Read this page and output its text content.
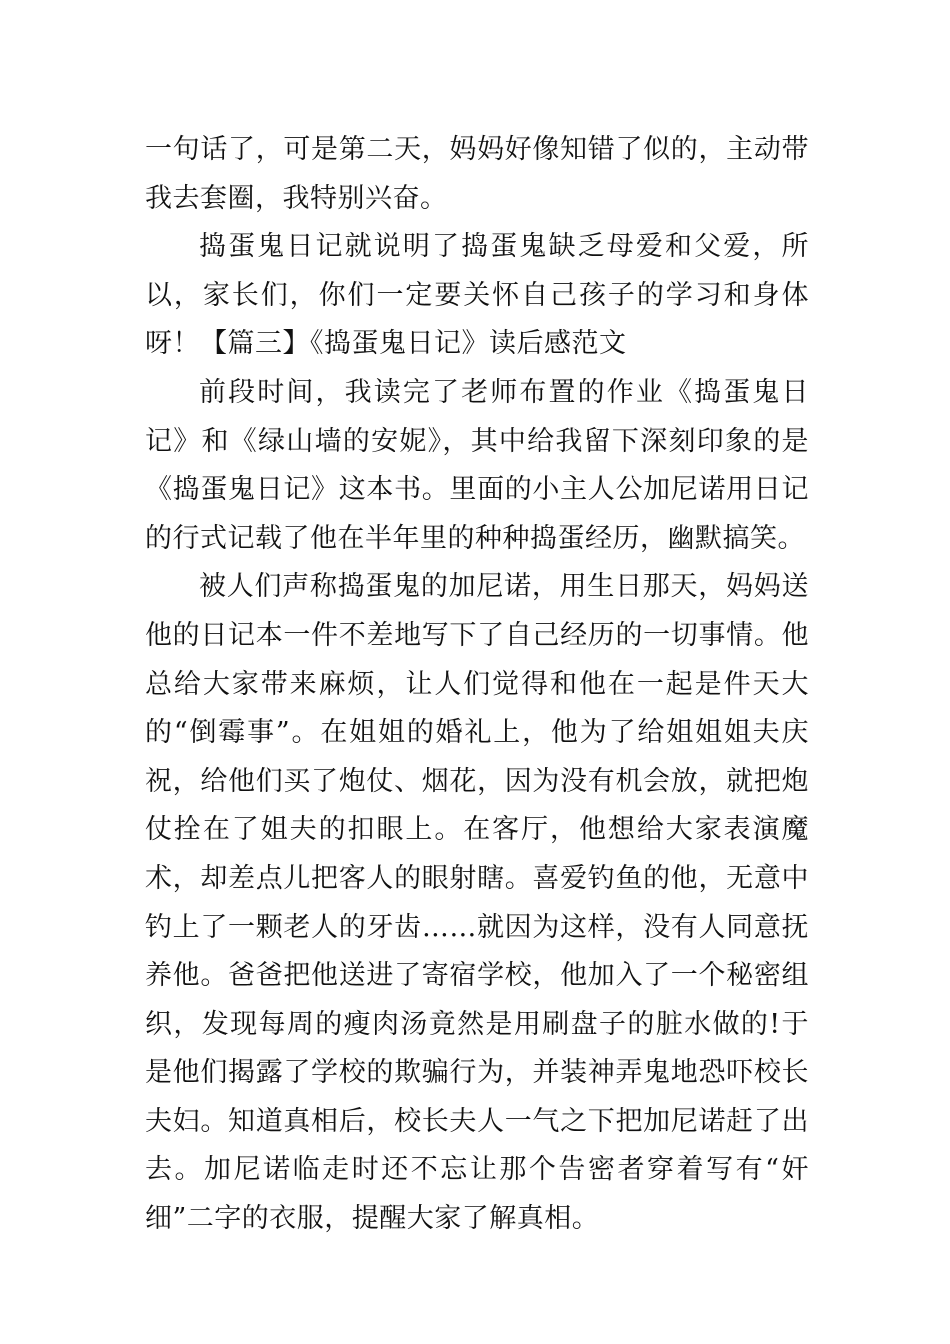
一句话了，可是第二天，妈妈好像知错了似的，主动带我去套圈，我特别兴奋。

捣蛋鬼日记就说明了捣蛋鬼缺乏母爱和父爱，所以，家长们，你们一定要关怀自己孩子的学习和身体呀！【篇三】《捣蛋鬼日记》读后感范文

前段时间，我读完了老师布置的作业《捣蛋鬼日记》和《绿山墙的安妮》，其中给我留下深刻印象的是《捣蛋鬼日记》这本书。里面的小主人公加尼诺用日记的行式记载了他在半年里的种种捣蛋经历，幽默搞笑。

被人们声称捣蛋鬼的加尼诺，用生日那天，妈妈送他的日记本一件不差地写下了自己经历的一切事情。他总给大家带来麻烦，让人们觉得和他在一起是件天大的“倒霉事”。在姐姐的婚礼上，他为了给姐姐姐夫庆祝，给他们买了炮仗、烟花，因为没有机会放，就把炮仗拴在了姐夫的扣眼上。在客厅，他想给大家表演魔术，却差点儿把客人的眼射瞎。喜爱钓鱼的他，无意中钓上了一颗老人的牙齿……就因为这样，没有人同意抚养他。爸爸把他送进了寄宿学校，他加入了一个秘密组织，发现每周的瘦肉汤竟然是用刷盘子的脏水做的!于是他们揭露了学校的欺骗行为，并装神弄鬼地恐吓校长夫妇。知道真相后，校长夫人一气之下把加尼诺赶了出去。加尼诺临走时还不忘让那个告密者穿着写有“奸细”二字的衣服，提醒大家了解真相。
